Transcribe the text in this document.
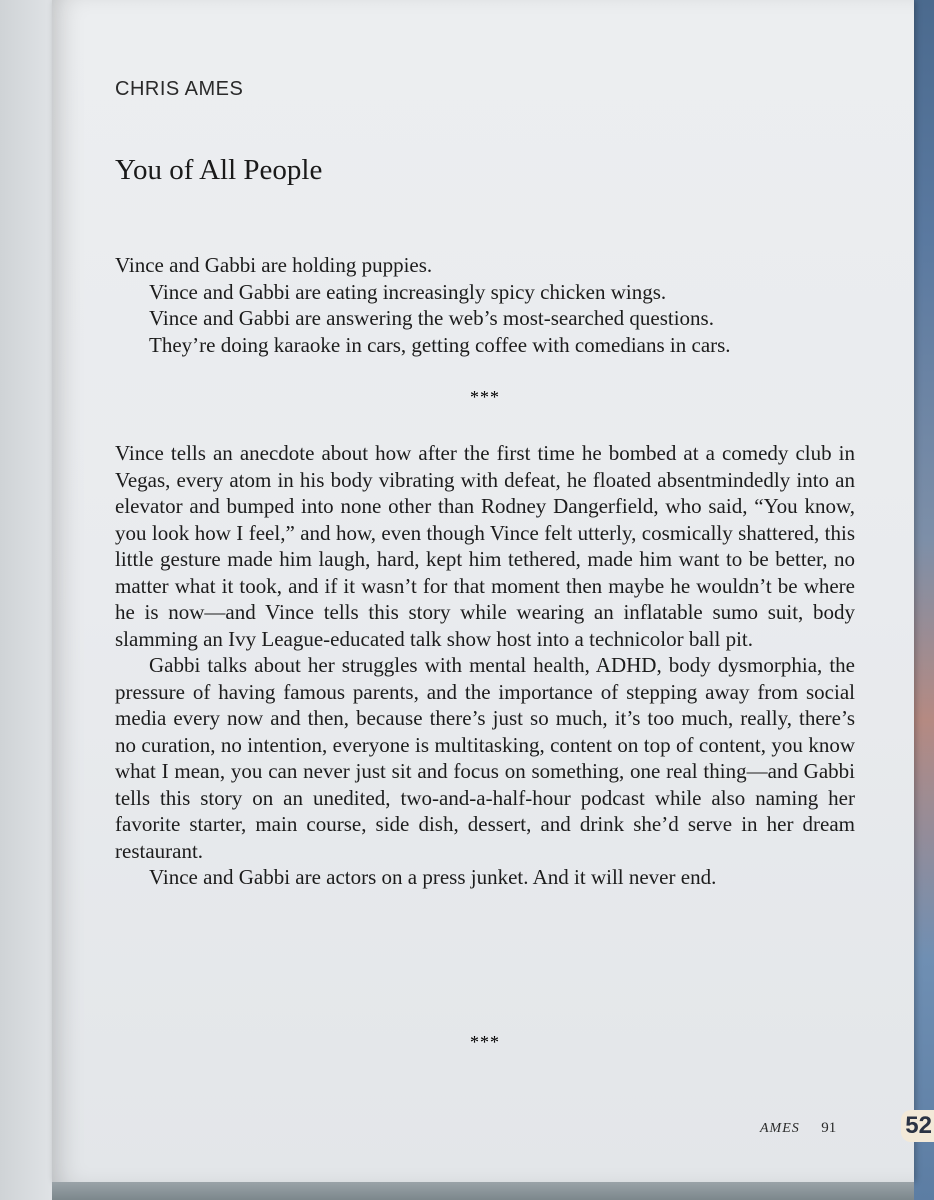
CHRIS AMES
You of All People

Vince and Gabbi are holding puppies.

Vince and Gabbi are eating increasingly spicy chicken wings.

Vince and Gabbi are answering the web’s most-searched questions.

They’re doing karaoke in cars, getting coffee with comedians in cars.

***

Vince tells an anecdote about how after the first time he bombed at a comedy club in Vegas, every atom in his body vibrating with defeat, he floated absentmindedly into an elevator and bumped into none other than Rodney Dangerfield, who said, “You know, you look how I feel,” and how, even though Vince felt utterly, cosmically shattered, this little gesture made him laugh, hard, kept him tethered, made him want to be better, no matter what it took, and if it wasn’t for that moment then maybe he wouldn’t be where he is now—and Vince tells this story while wearing an inflatable sumo suit, body slamming an Ivy League-educated talk show host into a technicolor ball pit.

Gabbi talks about her struggles with mental health, ADHD, body dysmorphia, the pressure of having famous parents, and the importance of stepping away from social media every now and then, because there’s just so much, it’s too much, really, there’s no curation, no intention, everyone is multitasking, content on top of content, you know what I mean, you can never just sit and focus on something, one real thing—and Gabbi tells this story on an unedited, two-and-a-half-hour podcast while also naming her favorite starter, main course, side dish, dessert, and drink she’d serve in her dream restaurant.

Vince and Gabbi are actors on a press junket. And it will never end.

***
AMES 91	52
